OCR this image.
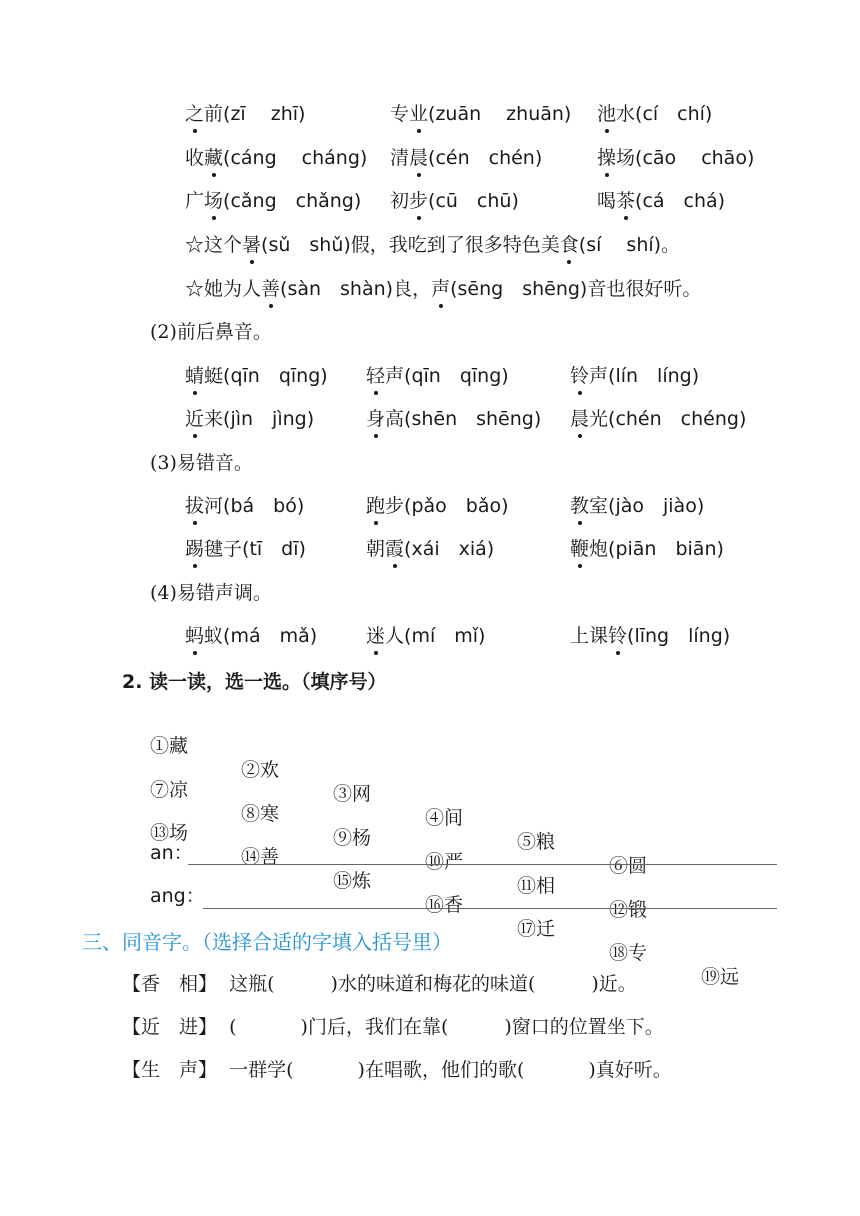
之前(zī　 zhī)	专业(zuān　 zhuān) 池水(cí　chí)
收藏(cáng　 cháng) 清晨(cén　chén)	操场(cāo　 chāo)
广场(cǎng　chǎng) 初步(cū　chū)	喝茶(cá　chá)
☆这个暑(sǔ　shǔ)假，我吃到了很多特色美食(sí　 shí)。
☆她为人善(sàn　shàn)良，声(sēng　shēng)音也很好听。
(2)前后鼻音。
蜻蜓(qīn　qīng) 轻声(qīn　qīng)	铃声(lín　líng)
近来(jìn　jìng)	身高(shēn　shēng) 晨光(chén　chéng)
(3)易错音。
拔河(bá　bó)	跑步(pǎo　bǎo)	教室(jào　jiào)
踢毽子(tī　dī)	朝霞(xái　xiá)	鞭炮(piān　biān)
(4)易错声调。
蚂蚁(má　mǎ)	迷人(mí　mǐ)	上课铃(līng　líng)
2. 读一读，选一选。（填序号）

①藏

②欢

③网

④间

⑤粮

⑥圆

⑦凉

⑧寒

⑨杨

⑩严

⑪相

⑫锻

⑬场

⑭善

⑮炼

⑯香

⑰迁

⑱专

⑲远

an：
ang：
三、同音字。（选择合适的字填入括号里）
【香　相】 这瓶(	)水的味道和梅花的味道(	)近。
【近　进】 (	)门后，我们在靠(	)窗口的位置坐下。
【生　声】 一群学(	)在唱歌，他们的歌(	)真好听。
